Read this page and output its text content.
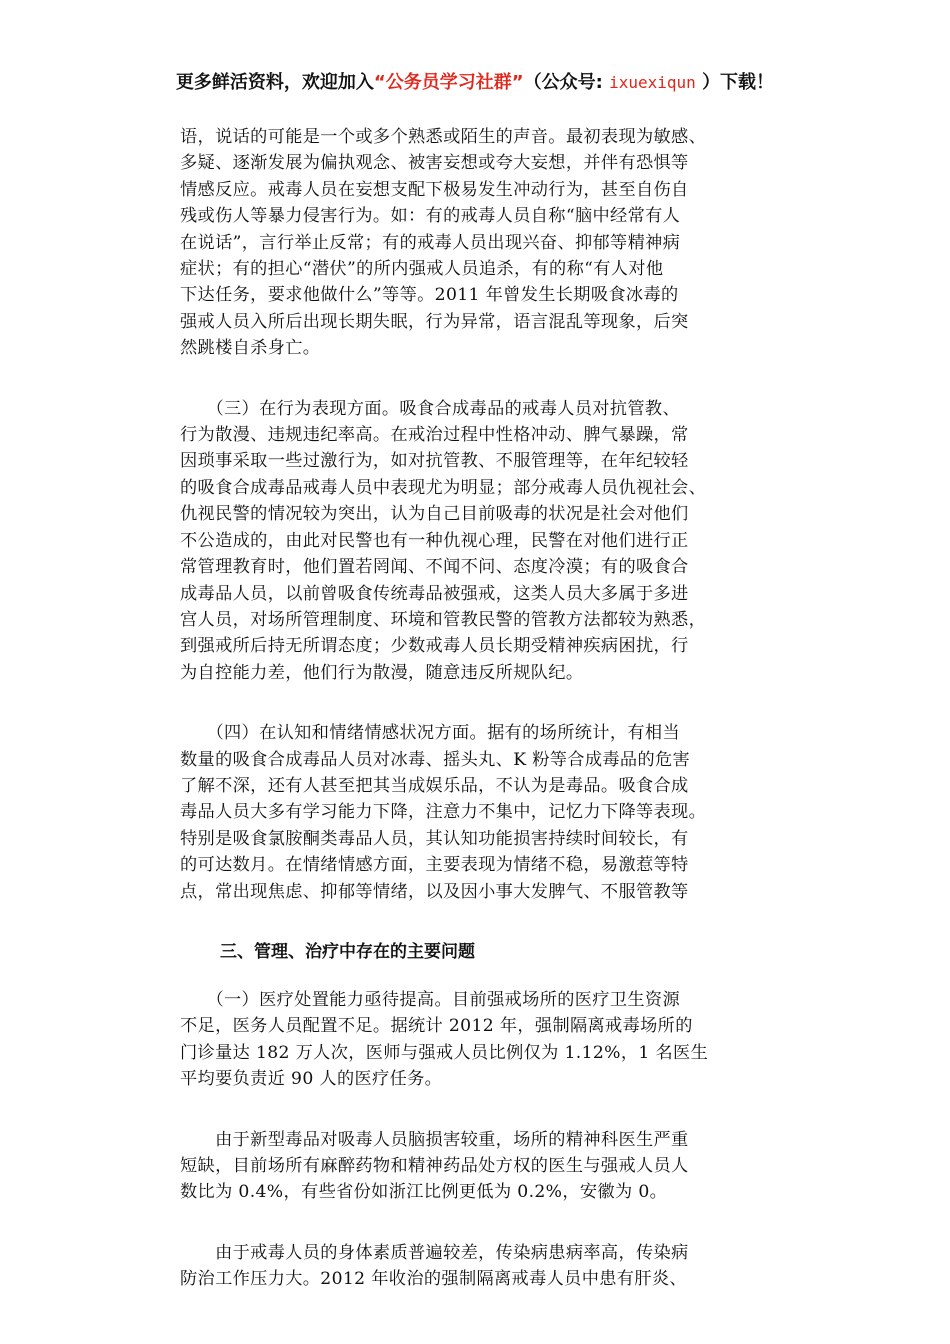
更多鲜活资料，欢迎加入“公务员学习社群”（公众号: ixuexiqun ）下载！
语，说话的可能是一个或多个熟悉或陌生的声音。最初表现为敏感、
多疑、逐渐发展为偏执观念、被害妄想或夸大妄想，并伴有恐惧等
情感反应。戒毒人员在妄想支配下极易发生冲动行为，甚至自伤自
残或伤人等暴力侵害行为。如：有的戒毒人员自称“脑中经常有人
在说话”，言行举止反常；有的戒毒人员出现兴奋、抑郁等精神病
症状；有的担心“潜伏”的所内强戒人员追杀，有的称“有人对他
下达任务，要求他做什么”等等。2011 年曾发生长期吸食冰毒的
强戒人员入所后出现长期失眠，行为异常，语言混乱等现象，后突
然跳楼自杀身亡。
　　（三）在行为表现方面。吸食合成毒品的戒毒人员对抗管教、
行为散漫、违规违纪率高。在戒治过程中性格冲动、脾气暴躁，常
因琐事采取一些过激行为，如对抗管教、不服管理等，在年纪较轻
的吸食合成毒品戒毒人员中表现尤为明显；部分戒毒人员仇视社会、
仇视民警的情况较为突出，认为自己目前吸毒的状况是社会对他们
不公造成的，由此对民警也有一种仇视心理，民警在对他们进行正
常管理教育时，他们置若罔闻、不闻不问、态度冷漠；有的吸食合
成毒品人员，以前曾吸食传统毒品被强戒，这类人员大多属于多进
宫人员，对场所管理制度、环境和管教民警的管教方法都较为熟悉，
到强戒所后持无所谓态度；少数戒毒人员长期受精神疾病困扰，行
为自控能力差，他们行为散漫，随意违反所规队纪。
　　（四）在认知和情绪情感状况方面。据有的场所统计，有相当
数量的吸食合成毒品人员对冰毒、摇头丸、K 粉等合成毒品的危害
了解不深，还有人甚至把其当成娱乐品，不认为是毒品。吸食合成
毒品人员大多有学习能力下降，注意力不集中，记忆力下降等表现。
特别是吸食氯胺酮类毒品人员，其认知功能损害持续时间较长，有
的可达数月。在情绪情感方面，主要表现为情绪不稳，易激惹等特
点，常出现焦虑、抑郁等情绪，以及因小事大发脾气、不服管教等
三、管理、治疗中存在的主要问题
　　（一）医疗处置能力亟待提高。目前强戒场所的医疗卫生资源
不足，医务人员配置不足。据统计 2012 年，强制隔离戒毒场所的
门诊量达 182 万人次，医师与强戒人员比例仅为 1.12%，1 名医生
平均要负责近 90 人的医疗任务。
　　由于新型毒品对吸毒人员脑损害较重，场所的精神科医生严重
短缺，目前场所有麻醉药物和精神药品处方权的医生与强戒人员人
数比为 0.4%，有些省份如浙江比例更低为 0.2%，安徽为 0。
　　由于戒毒人员的身体素质普遍较差，传染病患病率高，传染病
防治工作压力大。2012 年收治的强制隔离戒毒人员中患有肝炎、
